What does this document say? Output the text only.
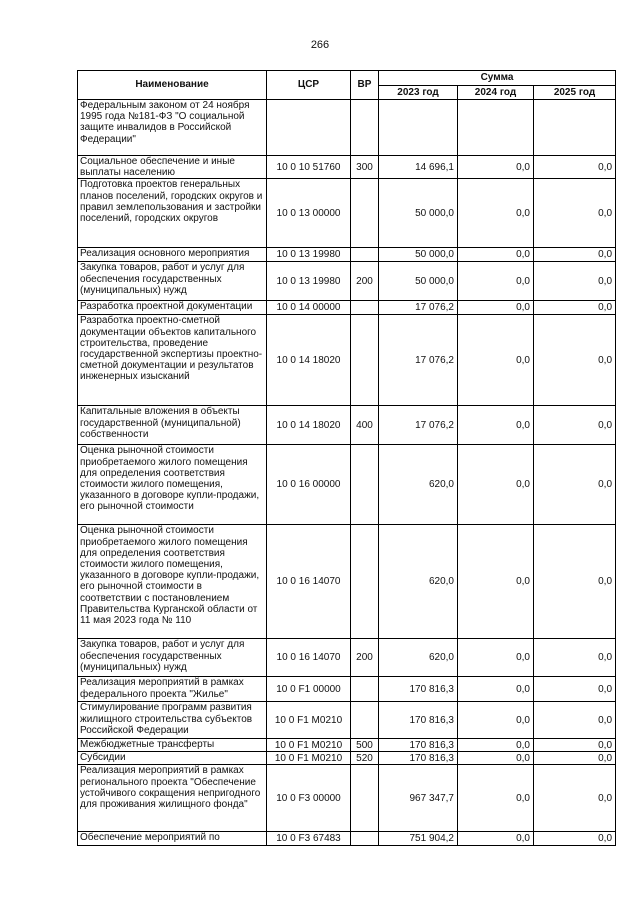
266
Наименование	ЦСР	ВР	Сумма		
			2023 год	2024 год	2025 год
Федеральным законом от 24 ноября 1995 года №181-ФЗ "О социальной защите инвалидов в Российской Федерации"					
Социальное обеспечение и иные выплаты населению	10 0 10 51760	300	14 696,1	0,0	0,0
Подготовка проектов генеральных планов поселений, городских округов и правил землепользования и застройки поселений, городских округов	10 0 13 00000		50 000,0	0,0	0,0
Реализация основного мероприятия	10 0 13 19980		50 000,0	0,0	0,0
Закупка товаров, работ и услуг для обеспечения государственных (муниципальных) нужд	10 0 13 19980	200	50 000,0	0,0	0,0
Разработка проектной документации	10 0 14 00000		17 076,2	0,0	0,0
Разработка проектно-сметной документации объектов капитального строительства, проведение государственной экспертизы проектно-сметной документации и результатов инженерных изысканий	10 0 14 18020		17 076,2	0,0	0,0
Капитальные вложения в объекты государственной (муниципальной) собственности	10 0 14 18020	400	17 076,2	0,0	0,0
Оценка рыночной стоимости приобретаемого жилого помещения для определения соответствия стоимости жилого помещения, указанного в договоре купли-продажи, его рыночной стоимости	10 0 16 00000		620,0	0,0	0,0
Оценка рыночной стоимости приобретаемого жилого помещения для определения соответствия стоимости жилого помещения, указанного в договоре купли-продажи, его рыночной стоимости в соответствии с постановлением Правительства Курганской области от 11 мая 2023 года № 110	10 0 16 14070		620,0	0,0	0,0
Закупка товаров, работ и услуг для обеспечения государственных (муниципальных) нужд	10 0 16 14070	200	620,0	0,0	0,0
Реализация мероприятий в рамках федерального проекта "Жилье"	10 0 F1 00000		170 816,3	0,0	0,0
Стимулирование программ развития жилищного строительства субъектов Российской Федерации	10 0 F1 M0210		170 816,3	0,0	0,0
Межбюджетные трансферты	10 0 F1 M0210	500	170 816,3	0,0	0,0
Субсидии	10 0 F1 M0210	520	170 816,3	0,0	0,0
Реализация мероприятий в рамках регионального проекта "Обеспечение устойчивого сокращения непригодного для проживания жилищного фонда"	10 0 F3 00000		967 347,7	0,0	0,0
Обеспечение мероприятий по	10 0 F3 67483		751 904,2	0,0	0,0
